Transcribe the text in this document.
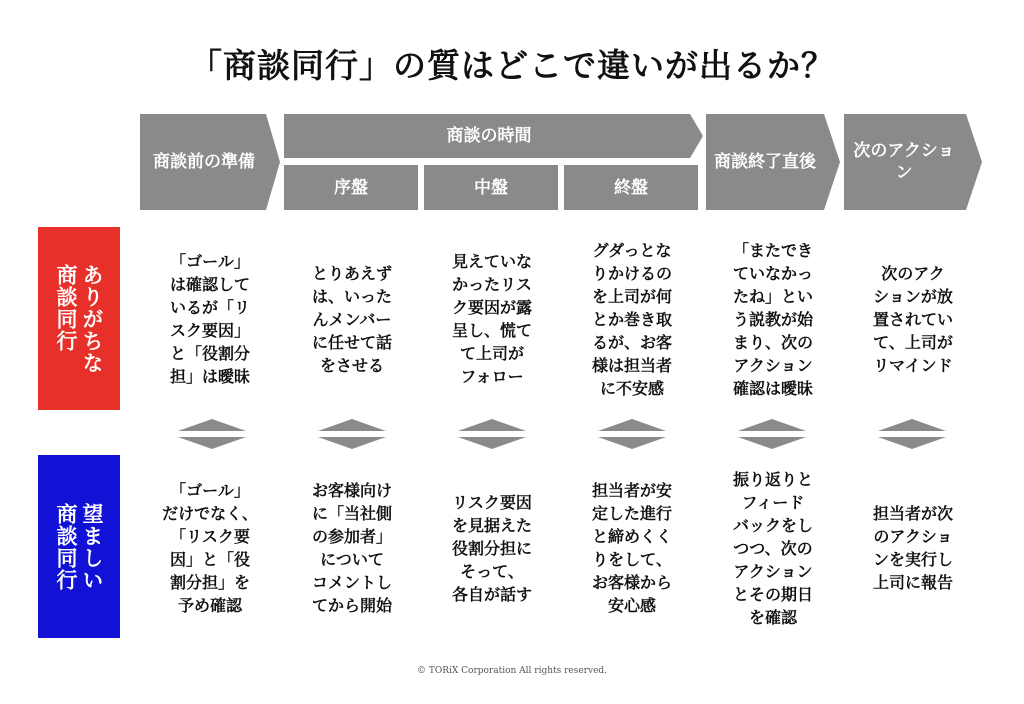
「商談同行」の質はどこで違いが出るか？
商談前の準備
商談の時間
序盤	中盤	終盤
商談終了直後
次のアクション
ありがちな
商談同行
望ましい
商談同行
「ゴール」
は確認して
いるが「リ
スク要因」
と「役割分
担」は曖昧
とりあえず
は、いった
んメンバー
に任せて話
をさせる
見えていな
かったリス
ク要因が露
呈し、慌て
て上司が
フォロー
グダっとな
りかけるの
を上司が何
とか巻き取
るが、お客
様は担当者
に不安感
「またでき
ていなかっ
たね」とい
う説教が始
まり、次の
アクション
確認は曖昧
次のアク
ションが放
置されてい
て、上司が
リマインド
「ゴール」
だけでなく、
「リスク要
因」と「役
割分担」を
予め確認
お客様向け
に「当社側
の参加者」
について
コメントし
てから開始
リスク要因
を見据えた
役割分担に
そって、
各自が話す
担当者が安
定した進行
と締めくく
りをして、
お客様から
安心感
振り返りと
フィード
バックをし
つつ、次の
アクション
とその期日
を確認
担当者が次
のアクショ
ンを実行し
上司に報告
© TORiX Corporation All rights reserved.
